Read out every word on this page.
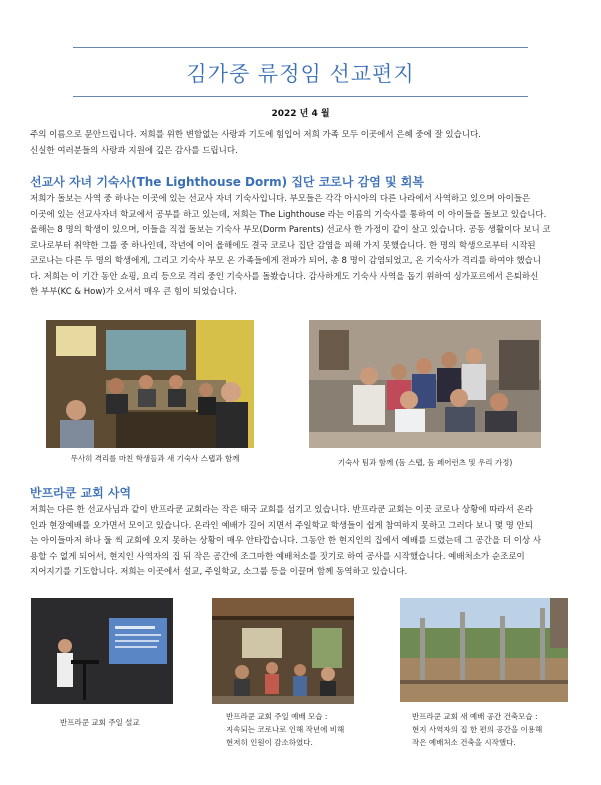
김가중 류정임 선교편지
2022 년 4 월
주의 이름으로 문안드립니다. 저희를 위한 변함없는 사랑과 기도에 힘입어 저희 가족 모두 이곳에서 은혜 중에 잘 있습니다.
신실한 여러분들의 사랑과 지원에 깊은 감사를 드립니다.
선교사 자녀 기숙사(The Lighthouse Dorm) 집단 코로나 감염 및 회복
저희가 돌보는 사역 중 하나는 이곳에 있는 선교사 자녀 기숙사입니다. 부모들은 각각 아시아의 다른 나라에서 사역하고 있으며 아이들은
이곳에 있는 선교사자녀 학교에서 공부를 하고 있는데, 저희는 The Lighthouse 라는 이름의 기숙사를 통하여 이 아이들을 돌보고 있습니다.
올해는 8 명의 학생이 있으며, 이들을 직접 돌보는 기숙사 부모(Dorm Parents) 선교사 한 가정이 같이 살고 있습니다. 공동 생활이다 보니 코
로나로부터 취약한 그룹 중 하나인데, 작년에 이어 올해에도 결국 코로나 집단 감염을 피해 가지 못했습니다. 한 명의 학생으로부터 시작된
코로나는 다른 두 명의 학생에게, 그리고 기숙사 부모 온 가족들에게 전파가 되어, 총 8 명이 감염되었고, 온 기숙사가 격리를 하여야 했습니
다. 저희는 이 기간 동안 쇼핑, 요리 등으로 격리 중인 기숙사를 돌봤습니다. 감사하게도 기숙사 사역을 돕기 위하여 싱가포르에서 은퇴하신
한 부부(KC & How)가 오셔서 매우 큰 힘이 되었습니다.
무사히 격리를 마친 학생들과 새 기숙사 스탭과 함께	기숙사 팀과 함께 (돔 스탭, 돔 페어런츠 및 우리 가정)
반프라쿤 교회 사역
저희는 다른 한 선교사님과 같이 반프라쿤 교회라는 작은 태국 교회를 섬기고 있습니다. 반프라쿤 교회는 이곳 코로나 상황에 따라서 온라
인과 현장예배를 오가면서 모이고 있습니다. 온라인 예배가 길어 지면서 주일학교 학생들이 쉽게 참여하지 못하고 그러다 보니 몇 명 안되
는 아이들마저 하나 둘 씩 교회에 오지 못하는 상황이 매우 안타깝습니다. 그동안 한 현지인의 집에서 예배를 드렸는데 그 공간을 더 이상 사
용할 수 없게 되어서, 현지인 사역자의 집 뒤 작은 공간에 조그마한 예배처소를 짓기로 하여 공사를 시작했습니다. 예배처소가 순조로이
지어지기를 기도합니다. 저희는 이곳에서 설교, 주일학교, 소그룹 등을 이끌며 함께 동역하고 있습니다.
반프라쿤 교회 주일 설교
반프라쿤 교회 주일 예배 모습 :
지속되는 코로나로 인해 작년에 비해
현저히 인원이 감소하였다.
반프라쿤 교회 새 예배 공간 건축모습 :
현지 사역자의 집 한 편의 공간을 이용해
작은 예배처소 건축을 시작했다.
